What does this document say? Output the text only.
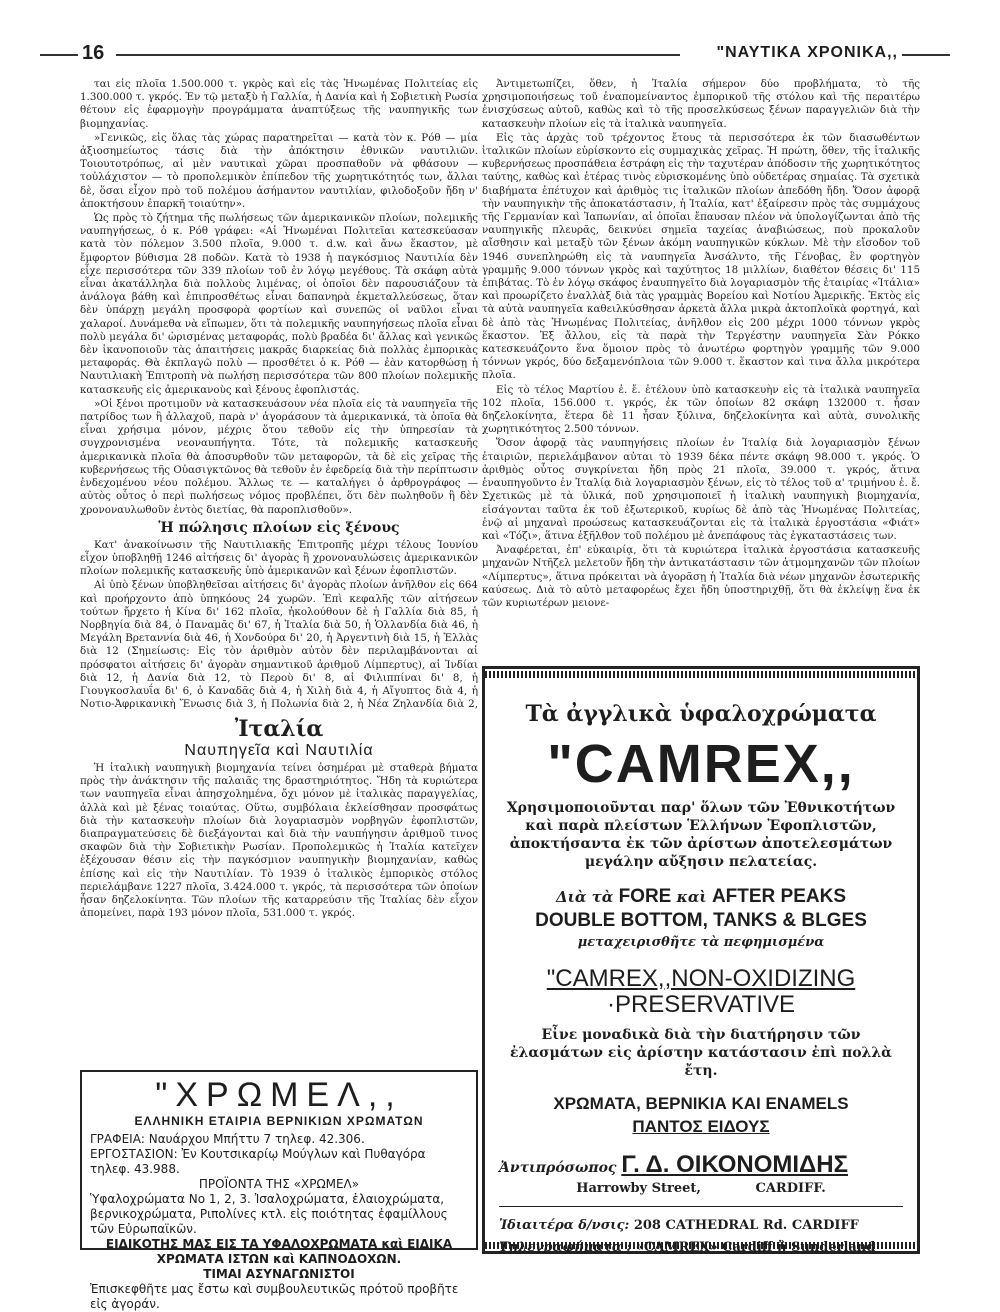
16	"ΝΑΥΤΙΚΑ ΧΡΟΝΙΚΑ,,

ται εἰς πλοῖα 1.500.000 τ. γκρὸς καὶ εἰς τὰς Ἡνωμένας Πολιτείας εἰς 1.300.000 τ. γκρός. Ἐν τῷ μεταξὺ ἡ Γαλλία, ἡ Δανία καὶ ἡ Σοβιετικὴ Ρωσία θέτουν εἰς ἐφαρμογὴν προγράμματα ἀναπτύξεως τῆς ναυπηγικῆς των βιομηχανίας.

»Γενικῶς, εἰς ὅλας τὰς χώρας παρατηρεῖται — κατὰ τὸν κ. Ρόθ — μία ἀξιοσημείωτος τάσις διὰ τὴν ἀπόκτησιν ἐθνικῶν ναυτιλιῶν. Τοιουτοτρόπως, αἱ μὲν ναυτικαὶ χῶραι προσπαθοῦν νὰ φθάσουν — τοὐλάχιστον — τὸ προπολεμικὸν ἐπίπεδον τῆς χωρητικότητός των, ἄλλαι δὲ, ὅσαι εἶχον πρὸ τοῦ πολέμου ἀσήμαντον ναυτιλίαν, φιλοδοξοῦν ἤδη ν' ἀποκτήσουν ἐπαρκῆ τοιαύτην».

Ὡς πρὸς τὸ ζήτημα τῆς πωλήσεως τῶν ἀμερικανικῶν πλοίων, πολεμικῆς ναυπηγήσεως, ὁ κ. Ρόθ γράφει: «Αἱ Ἡνωμέναι Πολιτεῖαι κατεσκεύασαν κατὰ τὸν πόλεμον 3.500 πλοῖα, 9.000 τ. d.w. καὶ ἄνω ἕκαστον, μὲ ἔμφορτον βύθισμα 28 ποδῶν. Κατὰ τὸ 1938 ἡ παγκόσμιος Ναυτιλία δὲν εἶχε περισσότερα τῶν 339 πλοίων τοῦ ἐν λόγῳ μεγέθους. Τὰ σκάφη αὐτὰ εἶναι ἀκατάλληλα διὰ πολλοὺς λιμένας, οἱ ὁποῖοι δὲν παρουσιάζουν τὰ ἀνάλογα βάθη καὶ ἐπιπροσθέτως εἶναι δαπανηρὰ ἐκμεταλλεύσεως, ὅταν δὲν ὑπάρχῃ μεγάλη προσφορὰ φορτίων καὶ συνεπῶς οἱ ναῦλοι εἶναι χαλαροί. Δυνάμεθα νὰ εἴπωμεν, ὅτι τὰ πολεμικῆς ναυπηγήσεως πλοῖα εἶναι πολὺ μεγάλα δι' ὡρισμένας μεταφοράς, πολὺ βραδέα δι' ἄλλας καὶ γενικῶς δὲν ἱκανοποιοῦν τὰς ἀπαιτήσεις μακρᾶς διαρκείας διὰ πολλὰς ἐμπορικὰς μεταφοράς. Θὰ ἐκπλαγῶ πολὺ — προσθέτει ὁ κ. Ρόθ — ἐὰν κατορθώσῃ ἡ Ναυτιλιακὴ Ἐπιτροπὴ νὰ πωλήσῃ περισσότερα τῶν 800 πλοίων πολεμικῆς κατασκευῆς εἰς ἀμερικανοὺς καὶ ξένους ἐφοπλιστάς.

»Οἱ ξένοι προτιμοῦν νὰ κατασκευάσουν νέα πλοῖα εἰς τὰ ναυπηγεῖα τῆς πατρίδος των ἢ ἀλλαχοῦ, παρὰ ν' ἀγοράσουν τὰ ἀμερικανικά, τὰ ὁποῖα θὰ εἶναι χρήσιμα μόνον, μέχρις ὅτου τεθοῦν εἰς τὴν ὑπηρεσίαν τὰ συγχρονισμένα νεοναυπήγητα. Τότε, τὰ πολεμικῆς κατασκευῆς ἀμερικανικὰ πλοῖα θὰ ἀποσυρθοῦν τῶν μεταφορῶν, τὰ δὲ εἰς χεῖρας τῆς κυβερνήσεως τῆς Οὐασιγκτῶνος θὰ τεθοῦν ἐν ἐφεδρείᾳ διὰ τὴν περίπτωσιν ἐνδεχομένου νέου πολέμου. Ἄλλως τε — καταλήγει ὁ ἀρθρογράφος — αὐτὸς οὗτος ὁ περὶ πωλήσεως νόμος προβλέπει, ὅτι δὲν πωληθοῦν ἢ δὲν χρονοναυλωθοῦν ἐντὸς διετίας, θὰ παροπλισθοῦν».

Ἡ πώλησις πλοίων εἰς ξένους

Κατ' ἀνακοίνωσιν τῆς Ναυτιλιακῆς Ἐπιτροπῆς μέχρι τέλους Ἰουνίου εἶχον ὑποβληθῇ 1246 αἰτήσεις δι' ἀγορὰς ἢ χρονοναυλώσεις ἀμερικανικῶν πλοίων πολεμικῆς κατασκευῆς ὑπὸ ἀμερικανῶν καὶ ξένων ἐφοπλιστῶν.

Αἱ ὑπὸ ξένων ὑποβληθεῖσαι αἰτήσεις δι' ἀγορὰς πλοίων ἀνῆλθον εἰς 664 καὶ προήρχοντο ἀπὸ ὑπηκόους 24 χωρῶν. Ἐπὶ κεφαλῆς τῶν αἰτήσεων τούτων ἤρχετο ἡ Κίνα δι' 162 πλοῖα, ἠκολούθουν δὲ ἡ Γαλλία διὰ 85, ἡ Νορβηγία διὰ 84, ὁ Παναμᾶς δι' 67, ἡ Ἰταλία διὰ 50, ἡ Ὁλλανδία διὰ 46, ἡ Μεγάλη Βρεταννία διὰ 46, ἡ Χονδούρα δι' 20, ἡ Ἀργεντινὴ διὰ 15, ἡ Ἑλλὰς διὰ 12 (Σημείωσις: Εἰς τὸν ἀριθμὸν αὐτὸν δὲν περιλαμβάνονται αἱ πρόσφατοι αἰτήσεις δι' ἀγορὰν σημαντικοῦ ἀριθμοῦ Λίμπερτυς), αἱ Ἰνδίαι διὰ 12, ἡ Δανία διὰ 12, τὸ Περοὺ δι' 8, αἱ Φιλιππίναι δι' 8, ἡ Γιουγκοσλαυΐα δι' 6, ὁ Καναδᾶς διὰ 4, ἡ Χιλὴ διὰ 4, ἡ Αἴγυπτος διὰ 4, ἡ Νοτιο-Ἀφρικανικὴ Ἕνωσις διὰ 3, ἡ Πολωνία διὰ 2, ἡ Νέα Ζηλανδία διὰ 2,

Ἰταλία
Ναυπηγεῖα καὶ Ναυτιλία

Ἡ ἰταλικὴ ναυπηγικὴ βιομηχανία τείνει ὁσημέραι μὲ σταθερὰ βήματα πρὸς τὴν ἀνάκτησιν τῆς παλαιᾶς της δραστηριότητος. Ἤδη τὰ κυριώτερα των ναυπηγεῖα εἶναι ἀπησχολημένα, ὄχι μόνον μὲ ἰταλικὰς παραγγελίας, ἀλλὰ καὶ μὲ ξένας τοιαύτας. Οὕτω, συμβόλαια ἐκλείσθησαν προσφάτως διὰ τὴν κατασκευὴν πλοίων διὰ λογαριασμὸν νορβηγῶν ἐφοπλιστῶν, διαπραγματεύσεις δὲ διεξάγονται καὶ διὰ τὴν ναυπήγησιν ἀριθμοῦ τινος σκαφῶν διὰ τὴν Σοβιετικὴν Ρωσίαν. Προπολεμικῶς ἡ Ἰταλία κατεῖχεν ἐξέχουσαν θέσιν εἰς τὴν παγκόσμιον ναυπηγικὴν βιομηχανίαν, καθὼς ἐπίσης καὶ εἰς τὴν Ναυτιλίαν. Τὸ 1939 ὁ ἰταλικὸς ἐμπορικὸς στόλος περιελάμβανε 1227 πλοῖα, 3.424.000 τ. γκρός, τὰ περισσότερα τῶν ὁποίων ἦσαν δηζελοκίνητα. Τῶν πλοίων τῆς καταρρεύσιν τῆς Ἰταλίας δὲν εἶχον ἀπομείνει, παρὰ 193 μόνον πλοῖα, 531.000 τ. γκρός.

Ἀντιμετωπίζει, ὅθεν, ἡ Ἰταλία σήμερον δύο προβλήματα, τὸ τῆς χρησιμοποιήσεως τοῦ ἐναπομείναντος ἐμπορικοῦ τῆς στόλου καὶ τῆς περαιτέρω ἐνισχύσεως αὐτοῦ, καθὼς καὶ τὸ τῆς προσελκύσεως ξένων παραγγελιῶν διὰ τὴν κατασκευὴν πλοίων εἰς τὰ ἰταλικὰ ναυπηγεῖα.

Εἰς τὰς ἀρχὰς τοῦ τρέχοντος ἔτους τὰ περισσότερα ἐκ τῶν διασωθέντων ἰταλικῶν πλοίων εὑρίσκοντο εἰς συμμαχικὰς χεῖρας. Ἡ πρώτη, ὅθεν, τῆς ἰταλικῆς κυβερνήσεως προσπάθεια ἐστράφη εἰς τὴν ταχυτέραν ἀπόδοσιν τῆς χωρητικότητος ταύτης, καθὼς καὶ ἑτέρας τινὸς εὑρισκομένης ὑπὸ οὐδετέρας σημαίας. Τὰ σχετικὰ διαβήματα ἐπέτυχον καὶ ἀριθμὸς τις ἰταλικῶν πλοίων ἀπεδόθη ἤδη. Ὅσον ἀφορᾷ τὴν ναυπηγικὴν τῆς ἀποκατάστασιν, ἡ Ἰταλία, κατ' ἐξαίρεσιν πρὸς τὰς συμμάχους τῆς Γερμανίαν καὶ Ἰαπωνίαν, αἱ ὁποῖαι ἔπαυσαν πλέον νὰ ὑπολογίζωνται ἀπὸ τῆς ναυπηγικῆς πλευρᾶς, δεικνύει σημεῖα ταχείας ἀναβιώσεως, ποὺ προκαλοῦν αἴσθησιν καὶ μεταξὺ τῶν ξένων ἀκόμη ναυπηγικῶν κύκλων. Μὲ τὴν εἴσοδον τοῦ 1946 συνεπληρώθη εἰς τὰ ναυπηγεῖα Ἀνσάλντο, τῆς Γένοβας, ἓν φορτηγὸν γραμμῆς 9.000 τόννων γκρὸς καὶ ταχύτητος 18 μιλλίων, διαθέτον θέσεις δι' 115 ἐπιβάτας. Τὸ ἐν λόγῳ σκάφος ἐναυπηγεῖτο διὰ λογαριασμὸν τῆς ἑταιρίας «Ἰτάλια» καὶ προωρίζετο ἐναλλὰξ διὰ τὰς γραμμὰς Βορείου καὶ Νοτίου Ἀμερικῆς. Ἐκτὸς εἰς τὰ αὐτὰ ναυπηγεῖα καθειλκύσθησαν ἀρκετὰ ἄλλα μικρὰ ἀκτοπλοϊκὰ φορτηγά, καὶ δὲ ἀπὸ τὰς Ἡνωμένας Πολιτείας, ἀνῆλθον εἰς 200 μέχρι 1000 τόννων γκρὸς ἕκαστον. Ἐξ ἄλλου, εἰς τὰ παρὰ τὴν Τεργέστην ναυπηγεῖα Σὰν Ρόκκο κατεσκευάζοντο ἕνα ὅμοιον πρὸς τὸ ἀνωτέρω φορτηγὸν γραμμῆς τῶν 9.000 τόννων γκρός, δύο δεξαμενόπλοια τῶν 9.000 τ. ἕκαστον καὶ τινα ἄλλα μικρότερα πλοῖα.

Εἰς τὸ τέλος Μαρτίου ἐ. ἔ. ἐτέλουν ὑπὸ κατασκευὴν εἰς τὰ ἰταλικὰ ναυπηγεῖα 102 πλοῖα, 156.000 τ. γκρός, ἐκ τῶν ὁποίων 82 σκάφη 132000 τ. ἦσαν δηζελοκίνητα, ἕτερα δὲ 11 ἦσαν ξύλινα, δηζελοκίνητα καὶ αὐτὰ, συνολικῆς χωρητικότητος 2.500 τόννων.

Ὅσον ἀφορᾷ τὰς ναυπηγήσεις πλοίων ἐν Ἰταλίᾳ διὰ λογαριασμὸν ξένων ἐταιριῶν, περιελάμβανον αὐται τὸ 1939 δέκα πέντε σκάφη 98.000 τ. γκρός. Ὁ ἀριθμὸς οὗτος συγκρίνεται ἤδη πρὸς 21 πλοῖα, 39.000 τ. γκρός, ἅτινα ἐναυπηγοῦντο ἐν Ἰταλίᾳ διὰ λογαριασμὸν ξένων, εἰς τὸ τέλος τοῦ α' τριμήνου ἐ. ἔ. Σχετικῶς μὲ τὰ ὑλικά, ποῦ χρησιμοποιεῖ ἡ ἰταλικὴ ναυπηγικὴ βιομηχανία, εἰσάγονται ταῦτα ἐκ τοῦ ἐξωτερικοῦ, κυρίως δὲ ἀπὸ τὰς Ἡνωμένας Πολιτείας, ἐνῷ αἱ μηχαναὶ προώσεως κατασκευάζονται εἰς τὰ ἰταλικὰ ἐργοστάσια «Φιάτ» καὶ «Τόζι», ἅτινα ἐξῆλθον τοῦ πολέμου μὲ ἀνεπάφους τὰς ἐγκαταστάσεις των.

Ἀναφέρεται, ἐπ' εὐκαιρίᾳ, ὅτι τὰ κυριώτερα ἰταλικὰ ἐργοστάσια κατασκευῆς μηχανῶν Ντῆζελ μελετοῦν ἤδη τὴν ἀντικατάστασιν τῶν ἀτμομηχανῶν τῶν πλοίων «Λίμπερτυς», ἅτινα πρόκειται νὰ ἀγορᾶσῃ ἡ Ἰταλία διὰ νέων μηχανῶν ἐσωτερικῆς καύσεως. Διὰ τὸ αὐτὸ μεταφορέως ἔχει ἤδη ὑποστηριχθῇ, ὅτι θὰ ἐκλείψῃ ἕνα ἐκ τῶν κυριωτέρων μειονε-

"ΧΡΩΜΕΛ,,
ΕΛΛΗΝΙΚΗ ΕΤΑΙΡΙΑ ΒΕΡΝΙΚΙΩΝ ΧΡΩΜΑΤΩΝ
ΓΡΑΦΕΙΑ: Ναυάρχου Μπήττυ 7 τηλεφ. 42.306.
ΕΡΓΟΣΤΑΣΙΟΝ: Ἐν Κουτσικαρίῳ Μούγλων καὶ Πυθαγόρα τηλεφ. 43.988.
ΠΡΟΪΟΝΤΑ ΤΗΣ «ΧΡΩΜΕΛ»
Ὑφαλοχρώματα Νο 1, 2, 3. Ἰσαλοχρώματα, ἐλαιοχρώματα, βερνικοχρώματα, Ριπολίνες κτλ. εἰς ποιότητας ἐφαμίλλους τῶν Εὐρωπαϊκῶν.
ΕΙΔΙΚΟΤΗΣ ΜΑΣ ΕΙΣ ΤΑ ΥΦΑΛΟΧΡΩΜΑΤΑ καὶ ΕΙΔΙΚΑ
ΧΡΩΜΑΤΑ ΙΣΤΩΝ καὶ ΚΑΠΝΟΔΟΧΩΝ.
ΤΙΜΑΙ ΑΣΥΝΑΓΩΝΙΣΤΟΙ
Ἐπισκεφθῆτε μας ἔστω καὶ συμβουλευτικῶς πρότοῦ προβῆτε εἰς ἀγοράν.
Τὰ ἀγγλικὰ ὑφαλοχρώματα
"CAMREX,,
Χρησιμοποιοῦνται παρ' ὅλων τῶν Ἐθνικοτήτων καὶ παρὰ πλείστων Ἑλλήνων Ἐφοπλιστῶν, ἀποκτήσαντα ἐκ τῶν ἀρίστων ἀποτελεσμάτων μεγάλην αὔξησιν πελατείας.
Διὰ τὰ FORE καὶ AFTER PEAKS
DOUBLE BOTTOM, TANKS & BLGES
μεταχειρισθῆτε τὰ πεφημισμένα
"CAMREX,,NON-OXIDIZING
·PRESERVATIVE
Εἶνε μοναδικὰ διὰ τὴν διατήρησιν τῶν ἐλασμάτων εἰς ἀρίστην κατάστασιν ἐπὶ πολλὰ ἔτη.
ΧΡΩΜΑΤΑ, ΒΕΡΝΙΚΙΑ ΚΑΙ ENAMELS
ΠΑΝΤΟΣ ΕΙΔΟΥΣ
Ἀντιπρόσωπος Γ. Δ. ΟΙΚΟΝΟΜΙΔΗΣ
Harrowby Street,	CARDIFF.
Ἰδιαιτέρα δ/νσις: 208 CATHEDRAL Rd. CARDIFF
Τηλεγραφήματα : «CAMREX» Cardiff ἢ Sunderland
